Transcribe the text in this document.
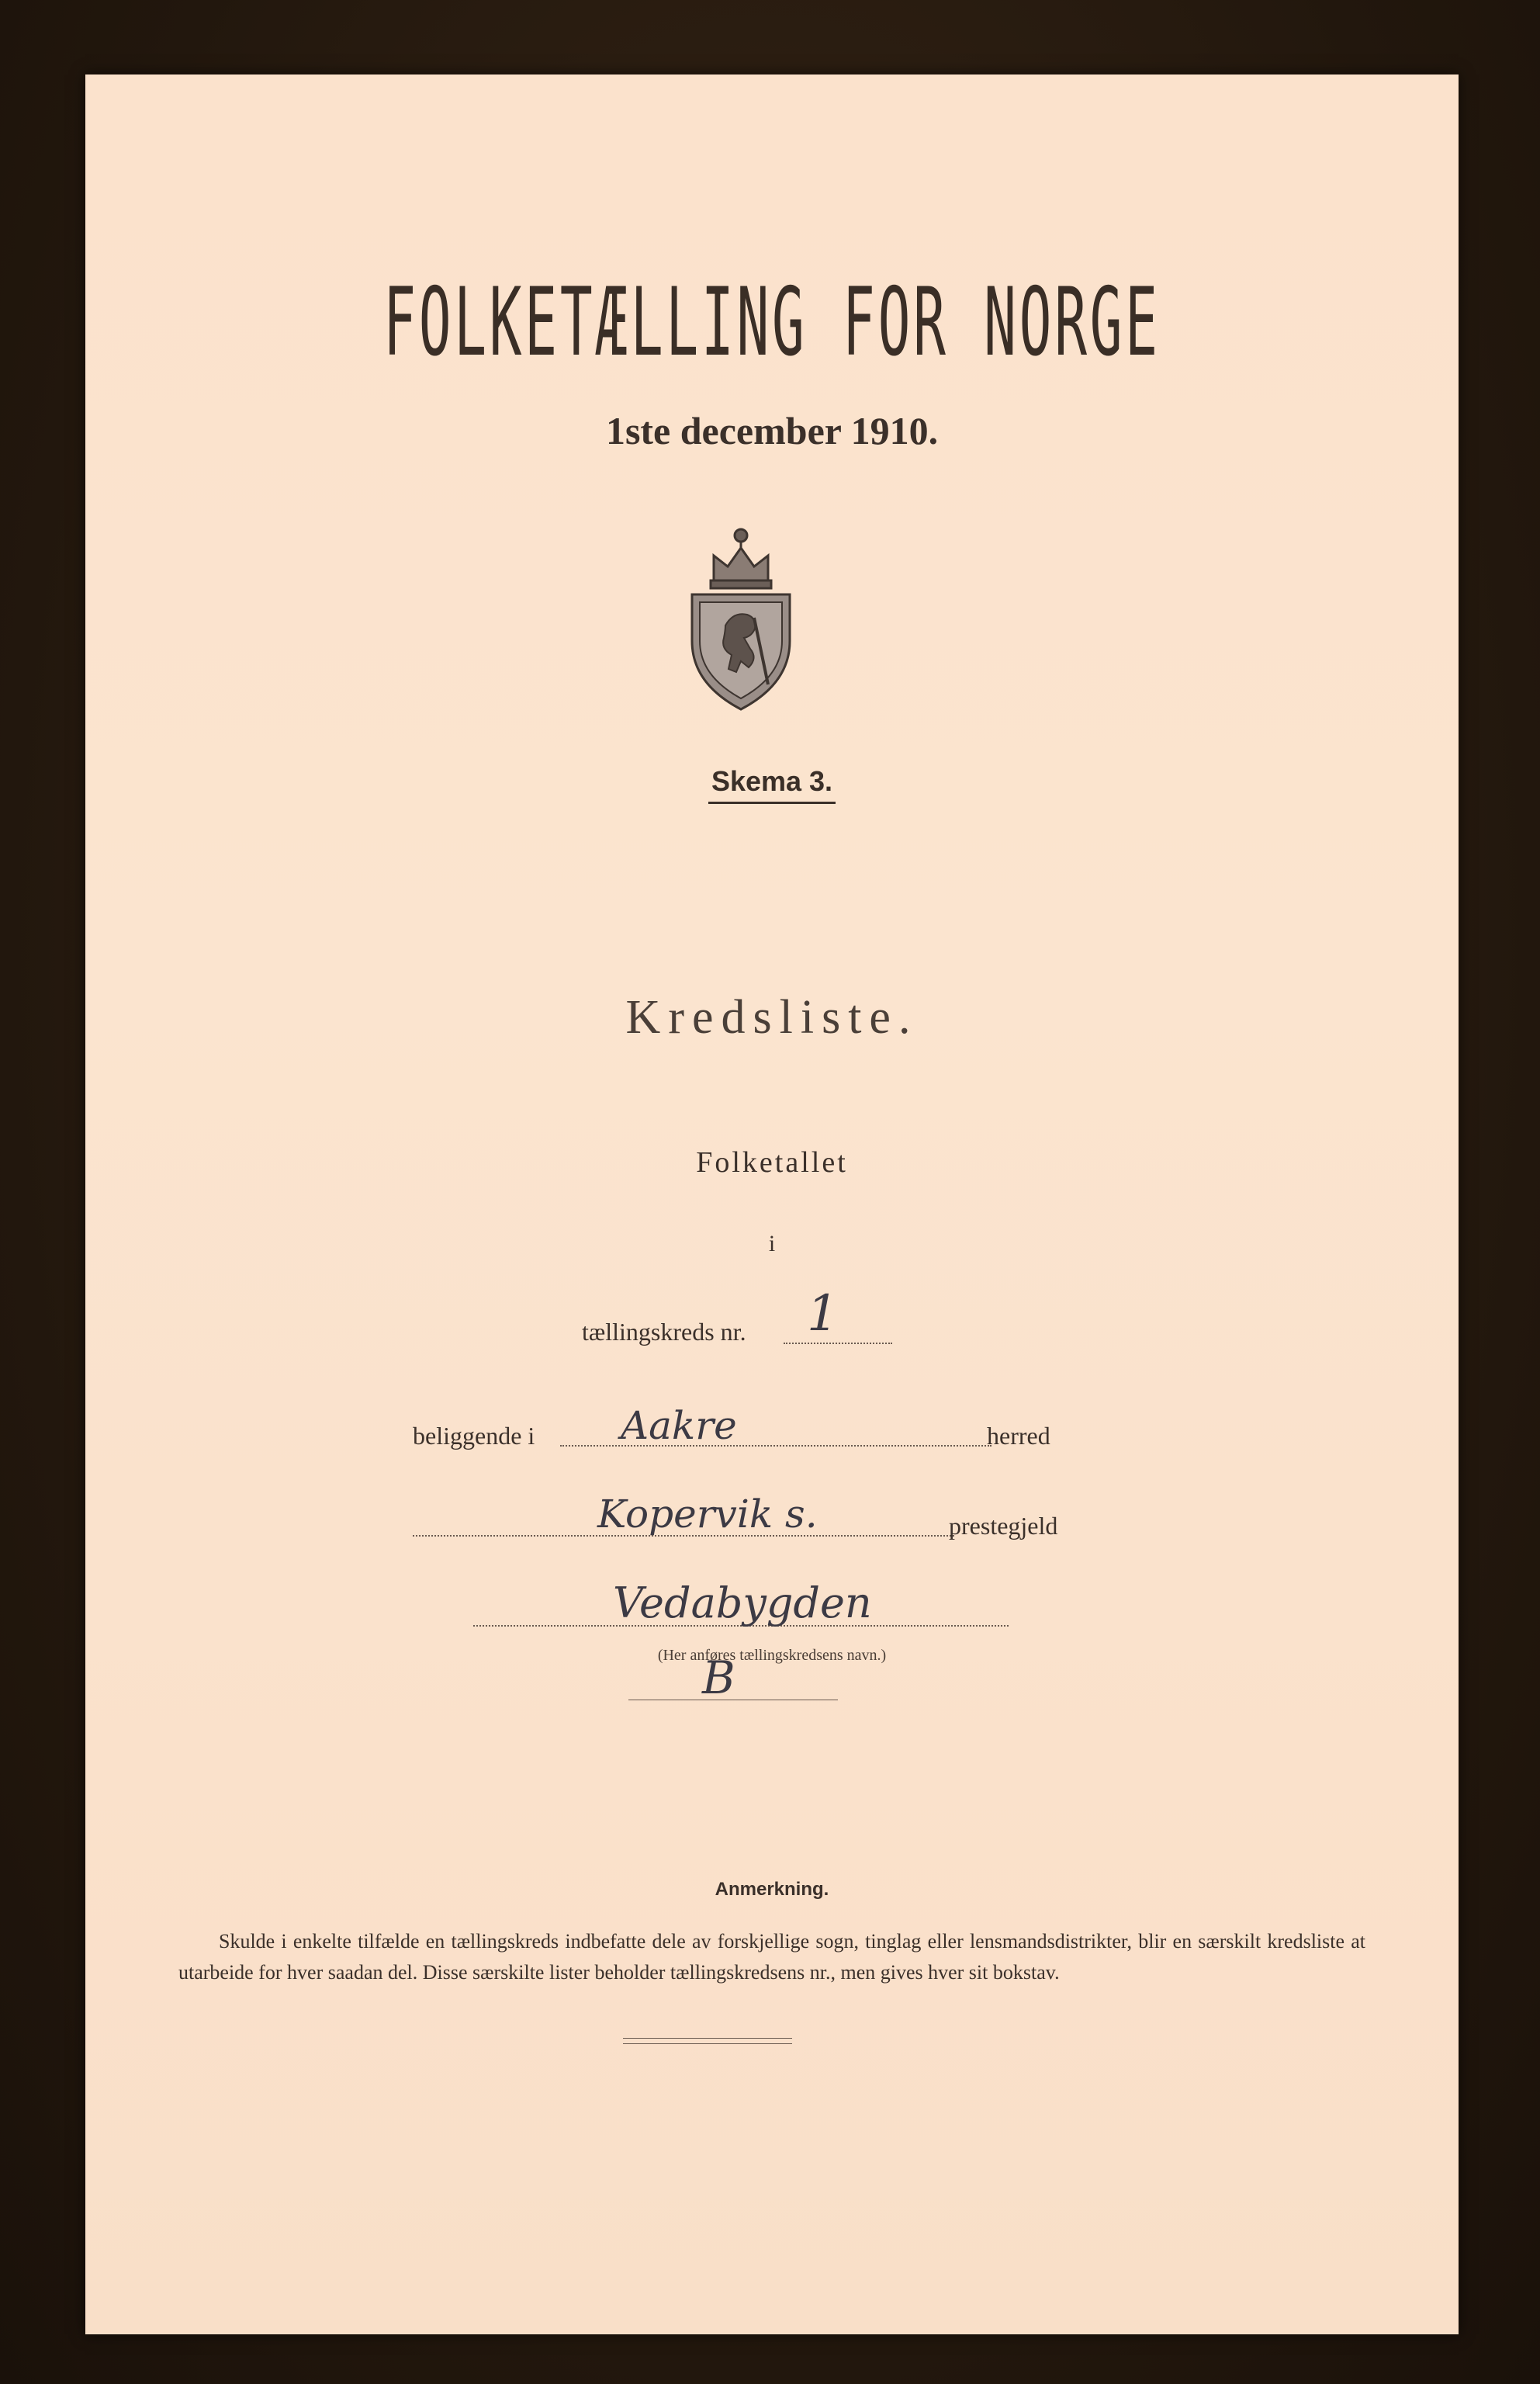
FOLKETÆLLING FOR NORGE
1ste december 1910.
Skema 3.
Kredsliste.
Folketallet
i
tællingskreds nr. 1
beliggende i Aakre	herred
Kopervik s.	prestegjeld
Vedabygden
(Her anføres tællingskredsens navn.)
B
Anmerkning.
Skulde i enkelte tilfælde en tællingskreds indbefatte dele av forskjellige sogn, tinglag eller lensmandsdistrikter, blir en særskilt kredsliste at utarbeide for hver saadan del. Disse særskilte lister beholder tællingskredsens nr., men gives hver sit bokstav.
